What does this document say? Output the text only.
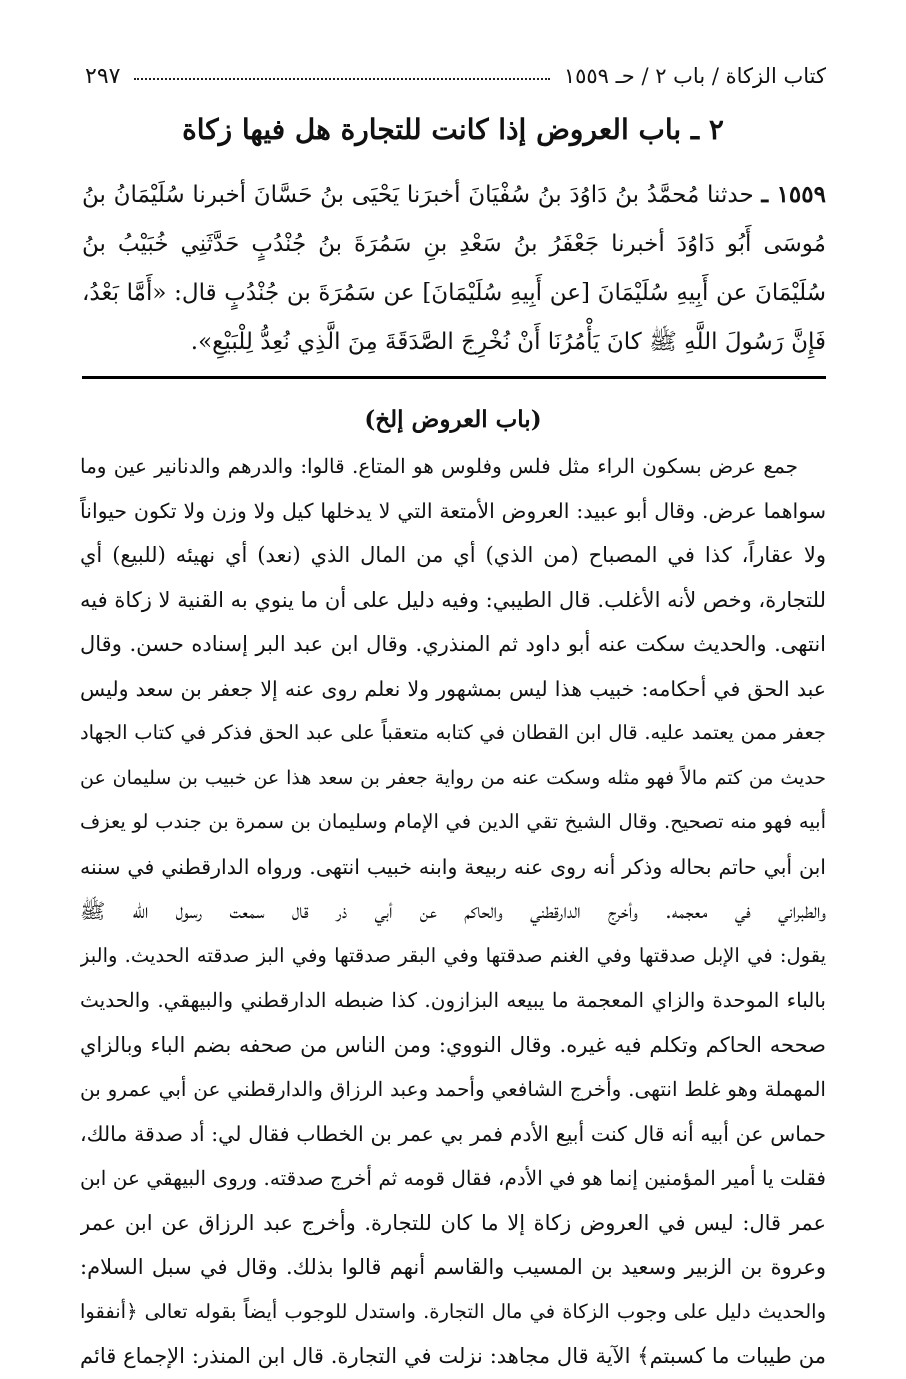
كتاب الزكاة / باب ٢ / حـ ١٥٥٩
٢٩٧
٢ ـ باب العروض إذا كانت للتجارة هل فيها زكاة
١٥٥٩ ـ حدثنا مُحمَّدُ بنُ دَاوُدَ بنُ سُفْيَانَ أخبرَنا يَحْيَى بنُ حَسَّانَ أخبرنا سُلَيْمَانُ بنُ مُوسَى أَبُو دَاوُدَ أخبرنا جَعْفَرُ بنُ سَعْدِ بنِ سَمُرَةَ بنُ جُنْدُبٍ حَدَّثَنِي خُبَيْبُ بنُ سُلَيْمَانَ عن أَبِيهِ سُلَيْمَانَ [عن أَبِيهِ سُلَيْمَانَ] عن سَمُرَةَ بن جُنْدُبٍ قال: «أَمَّا بَعْدُ، فَإِنَّ رَسُولَ اللَّهِ ﷺ كانَ يَأْمُرُنَا أَنْ نُخْرِجَ الصَّدَقَةَ مِنَ الَّذِي نُعِدُّ لِلْبَيْعِ».
(باب العروض إلخ)
جمع عرض بسكون الراء مثل فلس وفلوس هو المتاع. قالوا: والدرهم والدنانير عين وما
سواهما عرض. وقال أبو عبيد: العروض الأمتعة التي لا يدخلها كيل ولا وزن ولا تكون حيواناً
ولا عقاراً، كذا في المصباح (من الذي) أي من المال الذي (نعد) أي نهيئه (للبيع) أي
للتجارة، وخص لأنه الأغلب. قال الطيبي: وفيه دليل على أن ما ينوي به القنية لا زكاة فيه
انتهى. والحديث سكت عنه أبو داود ثم المنذري. وقال ابن عبد البر إسناده حسن. وقال
عبد الحق في أحكامه: خبيب هذا ليس بمشهور ولا نعلم روى عنه إلا جعفر بن سعد وليس
جعفر ممن يعتمد عليه. قال ابن القطان في كتابه متعقباً على عبد الحق فذكر في كتاب الجهاد
حديث من كتم مالاً فهو مثله وسكت عنه من رواية جعفر بن سعد هذا عن خبيب بن سليمان عن
أبيه فهو منه تصحيح. وقال الشيخ تقي الدين في الإمام وسليمان بن سمرة بن جندب لو يعزف
ابن أبي حاتم بحاله وذكر أنه روى عنه ربيعة وابنه خبيب انتهى. ورواه الدارقطني في سننه
والطبراني في معجمه. وأخرج الدارقطني والحاكم عن أبي ذر قال سمعت رسول الله ﷺ
يقول: في الإبل صدقتها وفي الغنم صدقتها وفي البقر صدقتها وفي البز صدقته الحديث. والبز
بالباء الموحدة والزاي المعجمة ما يبيعه البزازون. كذا ضبطه الدارقطني والبيهقي. والحديث
صححه الحاكم وتكلم فيه غيره. وقال النووي: ومن الناس من صحفه بضم الباء وبالزاي
المهملة وهو غلط انتهى. وأخرج الشافعي وأحمد وعبد الرزاق والدارقطني عن أبي عمرو بن
حماس عن أبيه أنه قال كنت أبيع الأدم فمر بي عمر بن الخطاب فقال لي: أد صدقة مالك،
فقلت يا أمير المؤمنين إنما هو في الأدم، فقال قومه ثم أخرج صدقته. وروى البيهقي عن ابن
عمر قال: ليس في العروض زكاة إلا ما كان للتجارة. وأخرج عبد الرزاق عن ابن عمر
وعروة بن الزبير وسعيد بن المسيب والقاسم أنهم قالوا بذلك. وقال في سبل السلام:
والحديث دليل على وجوب الزكاة في مال التجارة. واستدل للوجوب أيضاً بقوله تعالى ﴿أنفقوا
من طيبات ما كسبتم﴾ الآية قال مجاهد: نزلت في التجارة. قال ابن المنذر: الإجماع قائم
